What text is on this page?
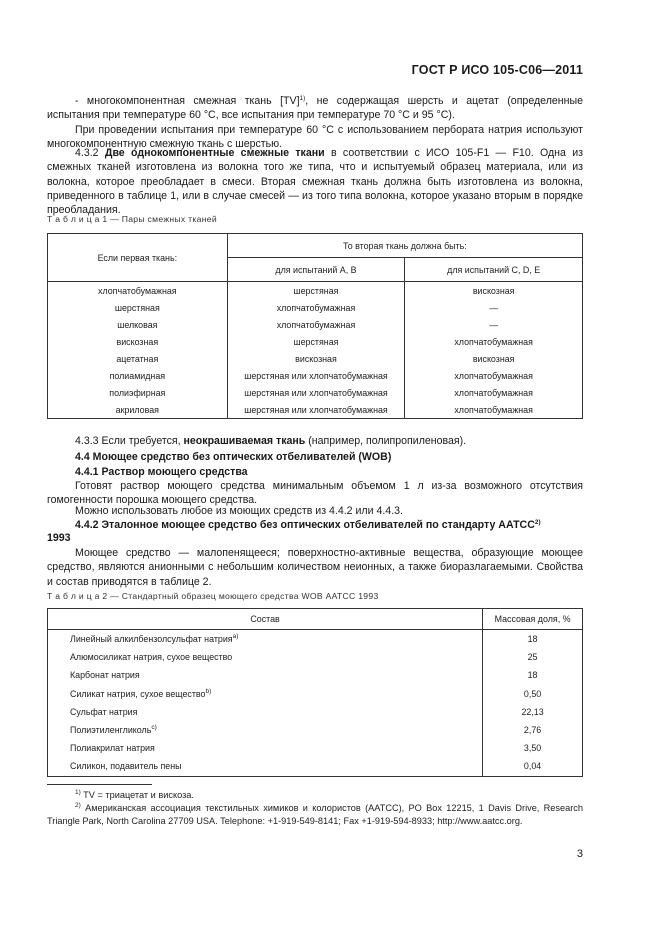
ГОСТ Р ИСО 105-С06—2011
- многокомпонентная смежная ткань [TV]$^{1)}$, не содержащая шерсть и ацетат (определенные испытания при температуре 60 °С, все испытания при температуре 70 °С и 95 °С).
При проведении испытания при температуре 60 °С с использованием пербората натрия используют многокомпонентную смежную ткань с шерстью.
4.3.2 Две однокомпонентные смежные ткани в соответствии с ИСО 105-F1 — F10. Одна из смежных тканей изготовлена из волокна того же типа, что и испытуемый образец материала, или из волокна, которое преобладает в смеси. Вторая смежная ткань должна быть изготовлена из волокна, приведенного в таблице 1, или в случае смесей — из того типа волокна, которое указано вторым в порядке преобладания.
Т а б л и ц а 1 — Пары смежных тканей
Если первая ткань:	То вторая ткань должна быть:	
	для испытаний А, В	для испытаний С, D, Е
хлопчатобумажная	шерстяная	вискозная
шерстяная	хлопчатобумажная	—
шелковая	хлопчатобумажная	—
вискозная	шерстяная	хлопчатобумажная
ацетатная	вискозная	вискозная
полиамидная	шерстяная или хлопчатобумажная	хлопчатобумажная
полиэфирная	шерстяная или хлопчатобумажная	хлопчатобумажная
акриловая	шерстяная или хлопчатобумажная	хлопчатобумажная
4.3.3 Если требуется, неокрашиваемая ткань (например, полипропиленовая).
4.4 Моющее средство без оптических отбеливателей (WOB)
4.4.1 Раствор моющего средства
Готовят раствор моющего средства минимальным объемом 1 л из-за возможного отсутствия гомогенности порошка моющего средства.
Можно использовать любое из моющих средств из 4.4.2 или 4.4.3.
4.4.2 Эталонное моющее средство без оптических отбеливателей по стандарту ААТСС$^{2)}$
1993
Моющее средство — малопенящееся; поверхностно-активные вещества, образующие моющее средство, являются анионными с небольшим количеством неионных, а также биоразлагаемыми. Свойства и состав приводятся в таблице 2.
Т а б л и ц а 2 — Стандартный образец моющего средства WOB ААТСС 1993
Состав	Массовая доля, %
Линейный алкилбензолсульфат натрия$^{a)}$	18
Алюмосиликат натрия, сухое вещество	25
Карбонат натрия	18
Силикат натрия, сухое вещество$^{b)}$	0,50
Сульфат натрия	22,13
Полиэтиленгликоль$^{c)}$	2,76
Полиакрилат натрия	3,50
Силикон, подавитель пены	0,04
$^{1)}$ TV = триацетат и вискоза.
$^{2)}$ Американская ассоциация текстильных химиков и колористов (ААТСС), PO Box 12215, 1 Davis Drive, Research Triangle Park, North Carolina 27709 USA. Telephone: +1-919-549-8141; Fax +1-919-594-8933; http://www.aatcc.org.
3
